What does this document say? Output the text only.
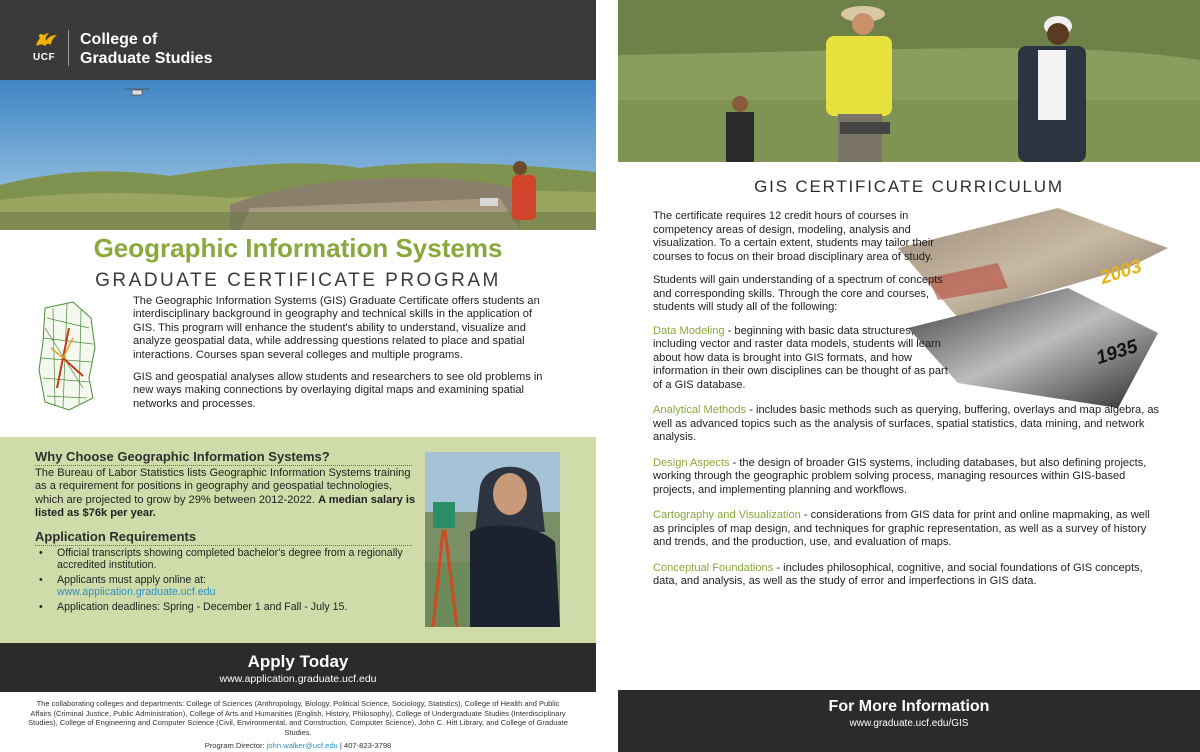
UCF
College of
Graduate Studies
Geographic Information Systems
GRADUATE CERTIFICATE PROGRAM

The Geographic Information Systems (GIS) Graduate Certificate offers students an interdisciplinary background in geography and technical skills in the application of GIS. This program will enhance the student's ability to understand, visualize and analyze geospatial data, while addressing questions related to place and spatial interactions. Courses span several colleges and multiple programs.

GIS and geospatial analyses allow students and researchers to see old problems in new ways making connections by overlaying digital maps and examining spatial networks and processes.

Why Choose Geographic Information Systems?
The Bureau of Labor Statistics lists Geographic Information Systems training as a requirement for positions in geography and geospatial technologies, which are projected to grow by 29% between 2012-2022. A median salary is listed as $76k per year.
Application Requirements
• Official transcripts showing completed bachelor's degree from a regionally accredited institution.
• Applicants must apply online at:
www.application.graduate.ucf.edu
• Application deadlines: Spring - December 1 and Fall - July 15.
Apply Today
www.application.graduate.ucf.edu
The collaborating colleges and departments: College of Sciences (Anthropology, Biology, Political Science, Sociology, Statistics), College of Health and Public Affairs (Criminal Justice, Public Administration), College of Arts and Humanities (English, History, Philosophy), College of Undergraduate Studies (Interdisciplinary Studies), College of Engineering and Computer Science (Civil, Environmental, and Construction, Computer Science), John C. Hitt Library, and College of Graduate Studies.
Program Director: john.walker@ucf.edu | 407-823-3798
GIS CERTIFICATE CURRICULUM
2003
1935

The certificate requires 12 credit hours of courses in competency areas of design, modeling, analysis and visualization. To a certain extent, students may tailor their courses to focus on their broad disciplinary area of study.

Students will gain understanding of a spectrum of concepts and corresponding skills. Through the core and courses, students will study all of the following:

Data Modeling - beginning with basic data structures, including vector and raster data models, students will learn about how data is brought into GIS formats, and how information in their own disciplines can be thought of as part of a GIS database.

Analytical Methods - includes basic methods such as querying, buffering, overlays and map algebra, as well as advanced topics such as the analysis of surfaces, spatial statistics, data mining, and network analysis.

Design Aspects - the design of broader GIS systems, including databases, but also defining projects, working through the geographic problem solving process, managing resources within GIS-based projects, and implementing planning and workflows.

Cartography and Visualization - considerations from GIS data for print and online mapmaking, as well as principles of map design, and techniques for graphic representation, as well as a survey of history and trends, and the production, use, and evaluation of maps.

Conceptual Foundations - includes philosophical, cognitive, and social foundations of GIS concepts, data, and analysis, as well as the study of error and imperfections in GIS data.

For More Information
www.graduate.ucf.edu/GIS
